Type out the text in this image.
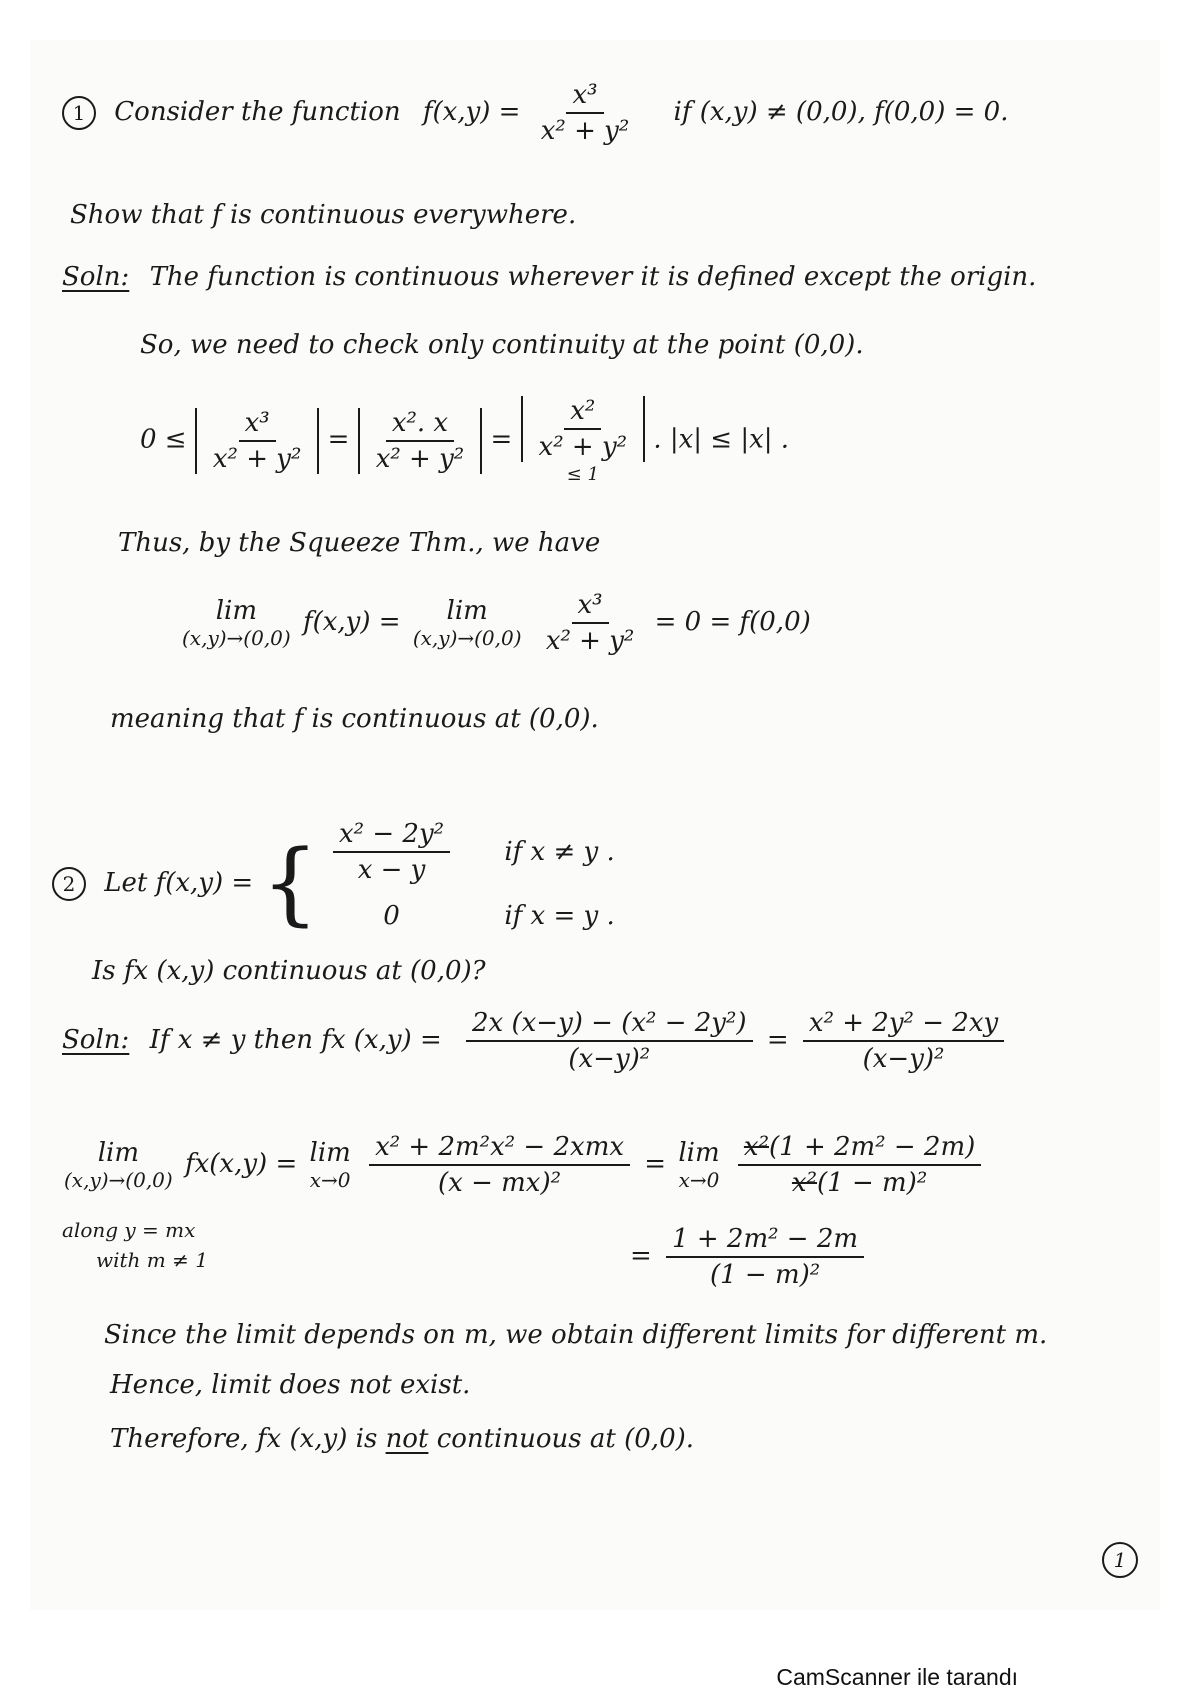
1 Consider the function $f(x,y) = \frac{\text{x³}}{\text{x² + y²}}$ if (x,y) ≠ (0,0), f(0,0) = 0.
Show that f is continuous everywhere.
Soln: The function is continuous wherever it is defined except the origin.
So, we need to check only continuity at the point (0,0).
$0 \le \frac{\text{x³}}{\text{x² + y²}} = \frac{\text{x². x}}{\text{x² + y²}} = \frac{\text{x²}}{\text{x² + y²}}$
≤ 1
. |x| ≤ |x| .
Thus, by the Squeeze Thm., we have
lim
(x,y)→(0,0)
f(x,y) = lim
(x,y)→(0,0)
$\frac{\text{x³}}{\text{x² + y²}} = 0 = f(0,0)$
meaning that f is continuous at (0,0).
2 Let f(x,y) = { $\frac{\text{x² − 2y²}}{x - y}$
0

if x ≠ y .
if x = y .
Is fx (x,y) continuous at (0,0)?
Soln: If x ≠ y then fx $(x,y) = \frac{\text{2x (x−y) − (x² − 2y²)}}{\text{(x−y)²}} = \frac{\text{x² + 2y² − 2xy}}{\text{(x−y)²}}$
lim
(x,y)→(0,0)
fx(x,y) = lim
x→0
$\frac{\text{x² + 2m²x² − 2xmx}}{\text{(x − mx)²}} = \lim$
x→0
$\frac{\text{x²(1 + 2m² − 2m)}}{\text{x²(1 − m)²}}$
along y = mx
with m ≠ 1	= $\frac{\text{1 + 2m² − 2m}}{\text{(1 − m)²}}$
Since the limit depends on m, we obtain different limits for different m.
Hence, limit does not exist.
Therefore, fx (x,y) is not continuous at (0,0).
1
CamScanner ile tarandı
